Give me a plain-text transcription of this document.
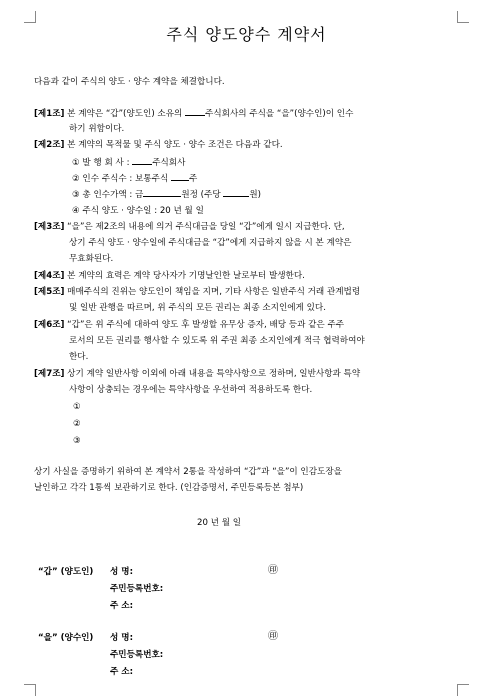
주식 양도양수 계약서
다음과 같이 주식의 양도 · 양수 계약을 체결합니다.
[제1조] 본 계약은 “갑”(양도인) 소유의 주식회사의 주식을 “을”(양수인)이 인수
하기 위함이다.
[제2조] 본 계약의 목적물 및 주식 양도 · 양수 조건은 다음과 같다.
① 발 행 회 사 : 주식회사
② 인수 주식수 : 보통주식 주
③ 총 인수가액 : 금	원정 (주당	원)
④ 주식 양도 · 양수일 : 20 년 월 일
[제3조] “을”은 제2조의 내용에 의거 주식대금을 당일 “갑”에게 일시 지급한다. 단,
상기 주식 양도 · 양수일에 주식대금을 “갑”에게 지급하지 않을 시 본 계약은
무효화된다.
[제4조] 본 계약의 효력은 계약 당사자가 기명날인한 날로부터 발생한다.
[제5조] 매매주식의 진위는 양도인이 책임을 지며, 기타 사항은 일반주식 거래 관계법령
및 일반 관행을 따르며, 위 주식의 모든 권리는 최종 소지인에게 있다.
[제6조] “갑”은 위 주식에 대하여 양도 후 발생할 유무상 증자, 배당 등과 같은 주주
로서의 모든 권리를 행사할 수 있도록 위 주권 최종 소지인에게 적극 협력하여야
한다.
[제7조] 상기 계약 일반사항 이외에 아래 내용을 특약사항으로 정하며, 일반사항과 특약
사항이 상충되는 경우에는 특약사항을 우선하여 적용하도록 한다.
①
②
③
상기 사실을 증명하기 위하여 본 계약서 2통을 작성하여 “갑”과 “을”이 인감도장을
날인하고 각각 1통씩 보관하기로 한다. (인감증명서, 주민등록등본 첨부)
20 년 월 일
“갑” (양도인) 성 명:	㊞
주민등록번호:
주 소:
“을” (양수인) 성 명:	㊞
주민등록번호:
주 소:
